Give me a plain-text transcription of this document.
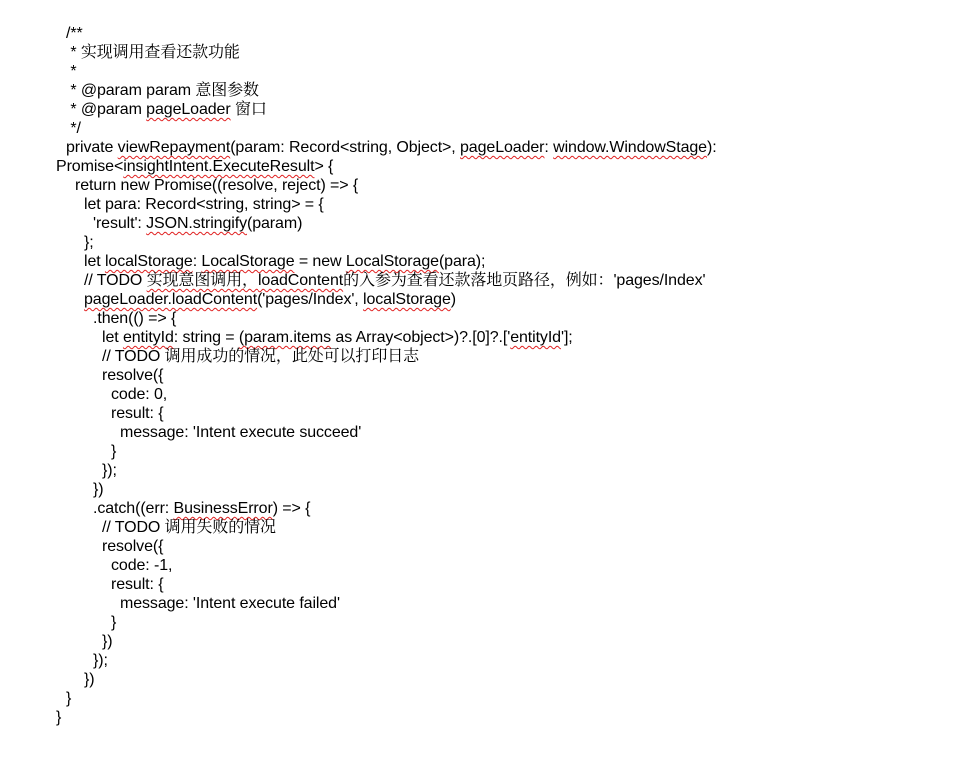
/**
* 实现调用查看还款功能
*
* @param param 意图参数
* @param pageLoader 窗口
*/
private viewRepayment(param: Record<string, Object>, pageLoader: window.WindowStage):
Promise<insightIntent.ExecuteResult> {
return new Promise((resolve, reject) => {
let para: Record<string, string> = {
'result': JSON.stringify(param)
};
let localStorage: LocalStorage = new LocalStorage(para);
// TODO 实现意图调用，loadContent的入参为查看还款落地页路径，例如：'pages/Index'
pageLoader.loadContent('pages/Index', localStorage)
.then(() => {
let entityId: string = (param.items as Array<object>)?.[0]?.['entityId'];
// TODO 调用成功的情况，此处可以打印日志
resolve({
code: 0,
result: {
message: 'Intent execute succeed'
}
});
})
.catch((err: BusinessError) => {
// TODO 调用失败的情况
resolve({
code: -1,
result: {
message: 'Intent execute failed'
}
})
});
})
}
}
